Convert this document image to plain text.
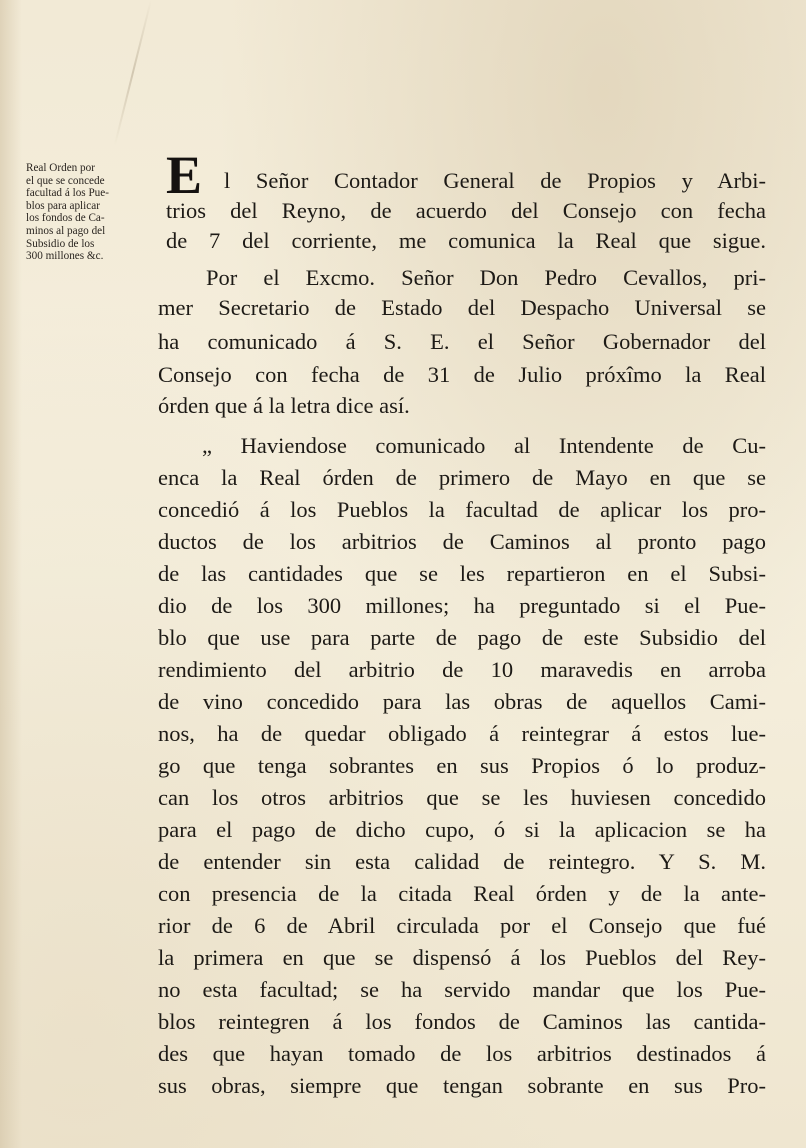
Real Orden por
el que se concede
facultad á los Pue-
blos para aplicar
los fondos de Ca-
minos al pago del
Subsidio de los
300 millones &c.
E l Señor Contador General de Propios y Arbi-
trios del Reyno, de acuerdo del Consejo con fecha
de 7 del corriente, me comunica la Real que sigue.
Por el Excmo. Señor Don Pedro Cevallos, pri-
mer Secretario de Estado del Despacho Universal se
ha comunicado á S. E. el Señor Gobernador del
Consejo con fecha de 31 de Julio próxîmo la Real
órden que á la letra dice así.
„ Haviendose comunicado al Intendente de Cu-
enca la Real órden de primero de Mayo en que se
concedió á los Pueblos la facultad de aplicar los pro-
ductos de los arbitrios de Caminos al pronto pago
de las cantidades que se les repartieron en el Subsi-
dio de los 300 millones; ha preguntado si el Pue-
blo que use para parte de pago de este Subsidio del
rendimiento del arbitrio de 10 maravedis en arroba
de vino concedido para las obras de aquellos Cami-
nos, ha de quedar obligado á reintegrar á estos lue-
go que tenga sobrantes en sus Propios ó lo produz-
can los otros arbitrios que se les huviesen concedido
para el pago de dicho cupo, ó si la aplicacion se ha
de entender sin esta calidad de reintegro. Y S. M.
con presencia de la citada Real órden y de la ante-
rior de 6 de Abril circulada por el Consejo que fué
la primera en que se dispensó á los Pueblos del Rey-
no esta facultad; se ha servido mandar que los Pue-
blos reintegren á los fondos de Caminos las cantida-
des que hayan tomado de los arbitrios destinados á
sus obras, siempre que tengan sobrante en sus Pro-
